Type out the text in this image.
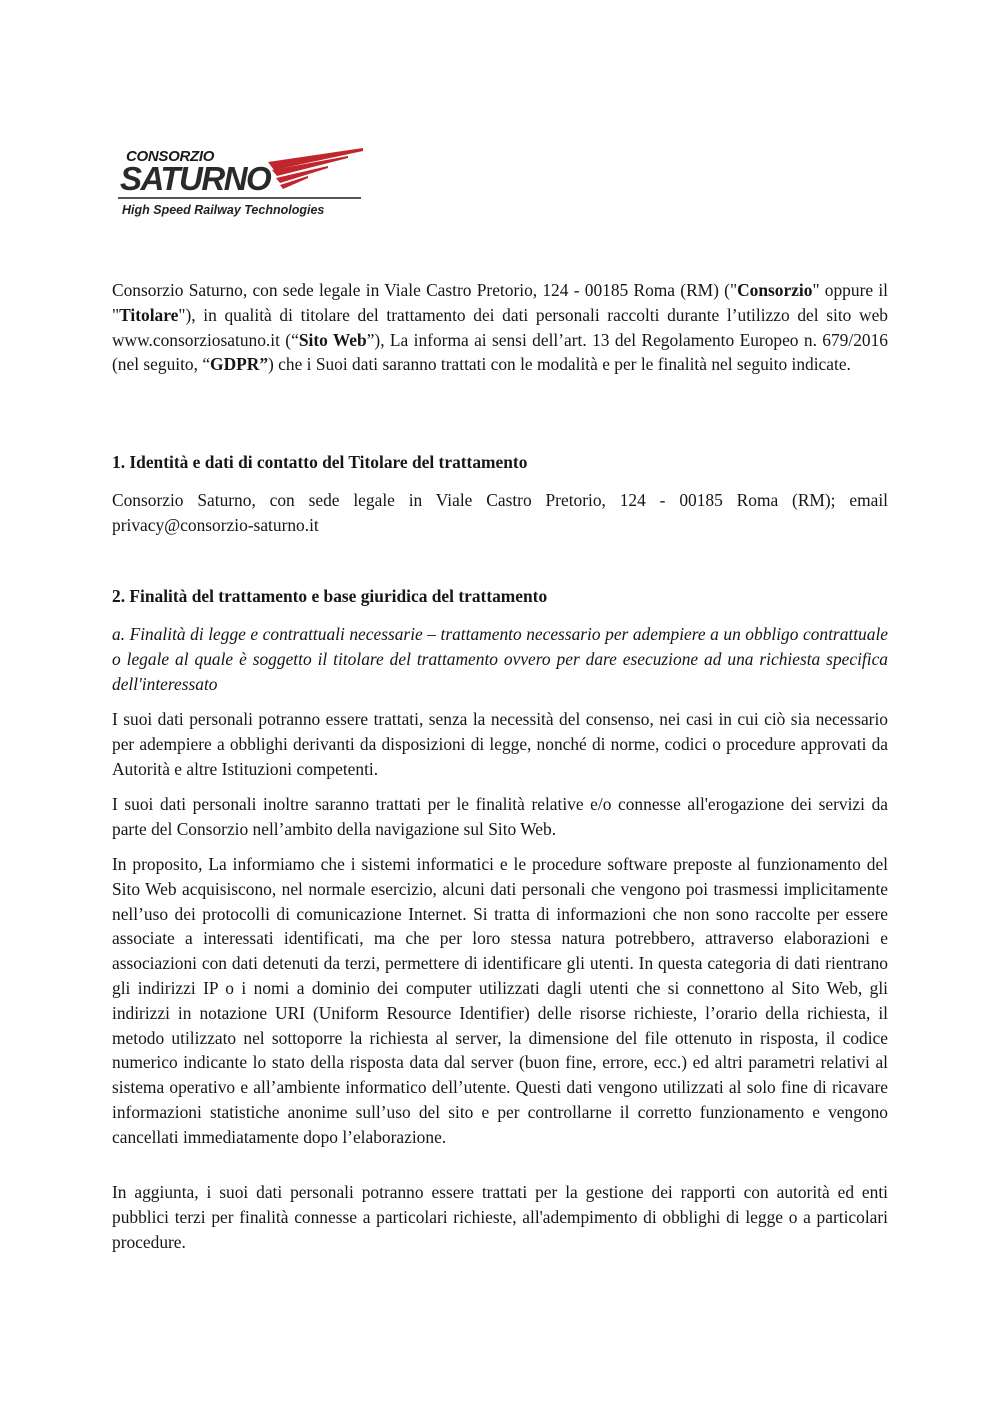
CONSORZIO
SATURNO
High Speed Railway Technologies

Consorzio Saturno, con sede legale in Viale Castro Pretorio, 124 - 00185 Roma (RM) ("Consorzio" oppure il "Titolare"), in qualità di titolare del trattamento dei dati personali raccolti durante l’utilizzo del sito web www.consorziosatuno.it (“Sito Web”), La informa ai sensi dell’art. 13 del Regolamento Europeo n. 679/2016 (nel seguito, “GDPR”) che i Suoi dati saranno trattati con le modalità e per le finalità nel seguito indicate.

1. Identità e dati di contatto del Titolare del trattamento

Consorzio Saturno, con sede legale in Viale Castro Pretorio, 124 - 00185 Roma (RM); email privacy@consorzio-saturno.it

2. Finalità del trattamento e base giuridica del trattamento

a. Finalità di legge e contrattuali necessarie – trattamento necessario per adempiere a un obbligo contrattuale o legale al quale è soggetto il titolare del trattamento ovvero per dare esecuzione ad una richiesta specifica dell'interessato

I suoi dati personali potranno essere trattati, senza la necessità del consenso, nei casi in cui ciò sia necessario per adempiere a obblighi derivanti da disposizioni di legge, nonché di norme, codici o procedure approvati da Autorità e altre Istituzioni competenti.

I suoi dati personali inoltre saranno trattati per le finalità relative e/o connesse all'erogazione dei servizi da parte del Consorzio nell’ambito della navigazione sul Sito Web.

In proposito, La informiamo che i sistemi informatici e le procedure software preposte al funzionamento del Sito Web acquisiscono, nel normale esercizio, alcuni dati personali che vengono poi trasmessi implicitamente nell’uso dei protocolli di comunicazione Internet. Si tratta di informazioni che non sono raccolte per essere associate a interessati identificati, ma che per loro stessa natura potrebbero, attraverso elaborazioni e associazioni con dati detenuti da terzi, permettere di identificare gli utenti. In questa categoria di dati rientrano gli indirizzi IP o i nomi a dominio dei computer utilizzati dagli utenti che si connettono al Sito Web, gli indirizzi in notazione URI (Uniform Resource Identifier) delle risorse richieste, l’orario della richiesta, il metodo utilizzato nel sottoporre la richiesta al server, la dimensione del file ottenuto in risposta, il codice numerico indicante lo stato della risposta data dal server (buon fine, errore, ecc.) ed altri parametri relativi al sistema operativo e all’ambiente informatico dell’utente. Questi dati vengono utilizzati al solo fine di ricavare informazioni statistiche anonime sull’uso del sito e per controllarne il corretto funzionamento e vengono cancellati immediatamente dopo l’elaborazione.

In aggiunta, i suoi dati personali potranno essere trattati per la gestione dei rapporti con autorità ed enti pubblici terzi per finalità connesse a particolari richieste, all'adempimento di obblighi di legge o a particolari procedure.
